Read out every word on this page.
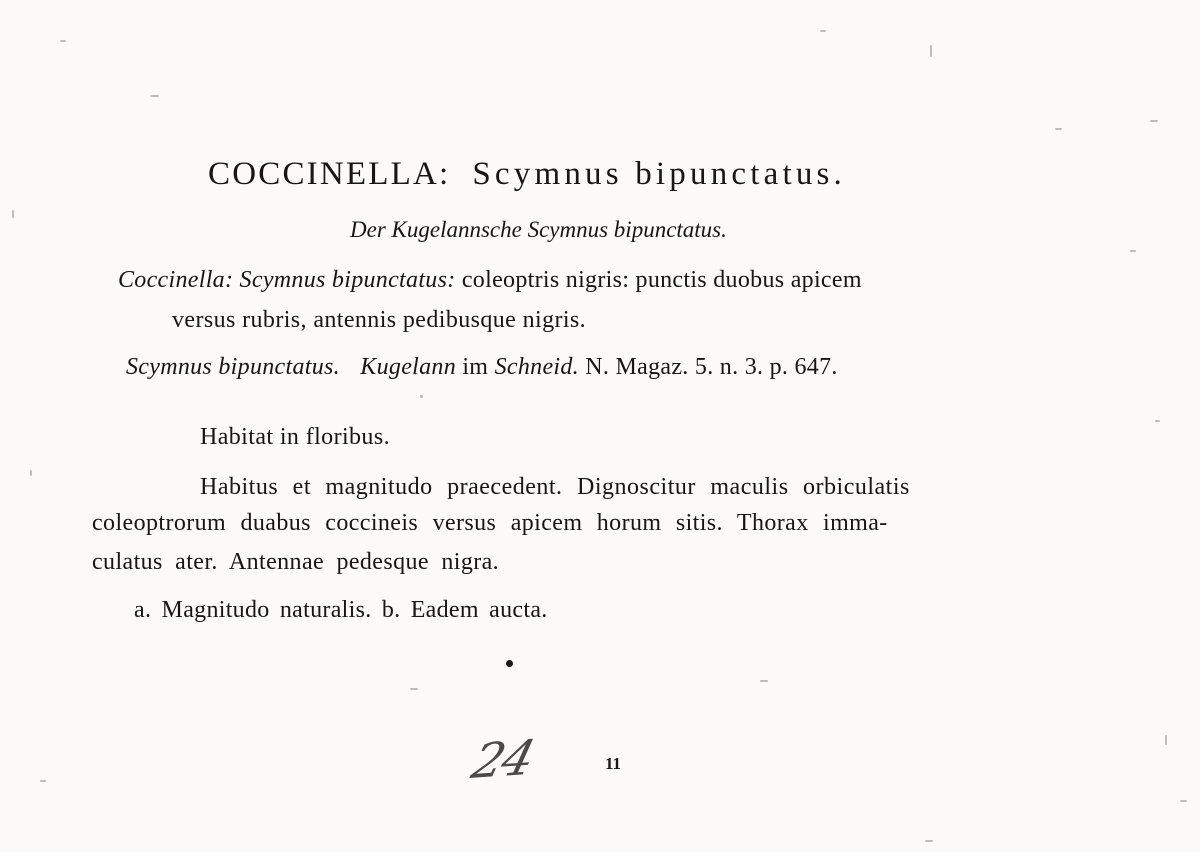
COCCINELLA: Scymnus bipunctatus.
Der Kugelannsche Scymnus bipunctatus.
Coccinella: Scymnus bipunctatus: coleoptris nigris: punctis duobus apicem
versus rubris, antennis pedibusque nigris.
Scymnus bipunctatus. Kugelann im Schneid. N. Magaz. 5. n. 3. p. 647.
Habitat in floribus.
Habitus et magnitudo praecedent. Dignoscitur maculis orbiculatis
coleoptrorum duabus coccineis versus apicem horum sitis. Thorax imma-
culatus ater. Antennae pedesque nigra.
a. Magnitudo naturalis. b. Eadem aucta.
24	11
